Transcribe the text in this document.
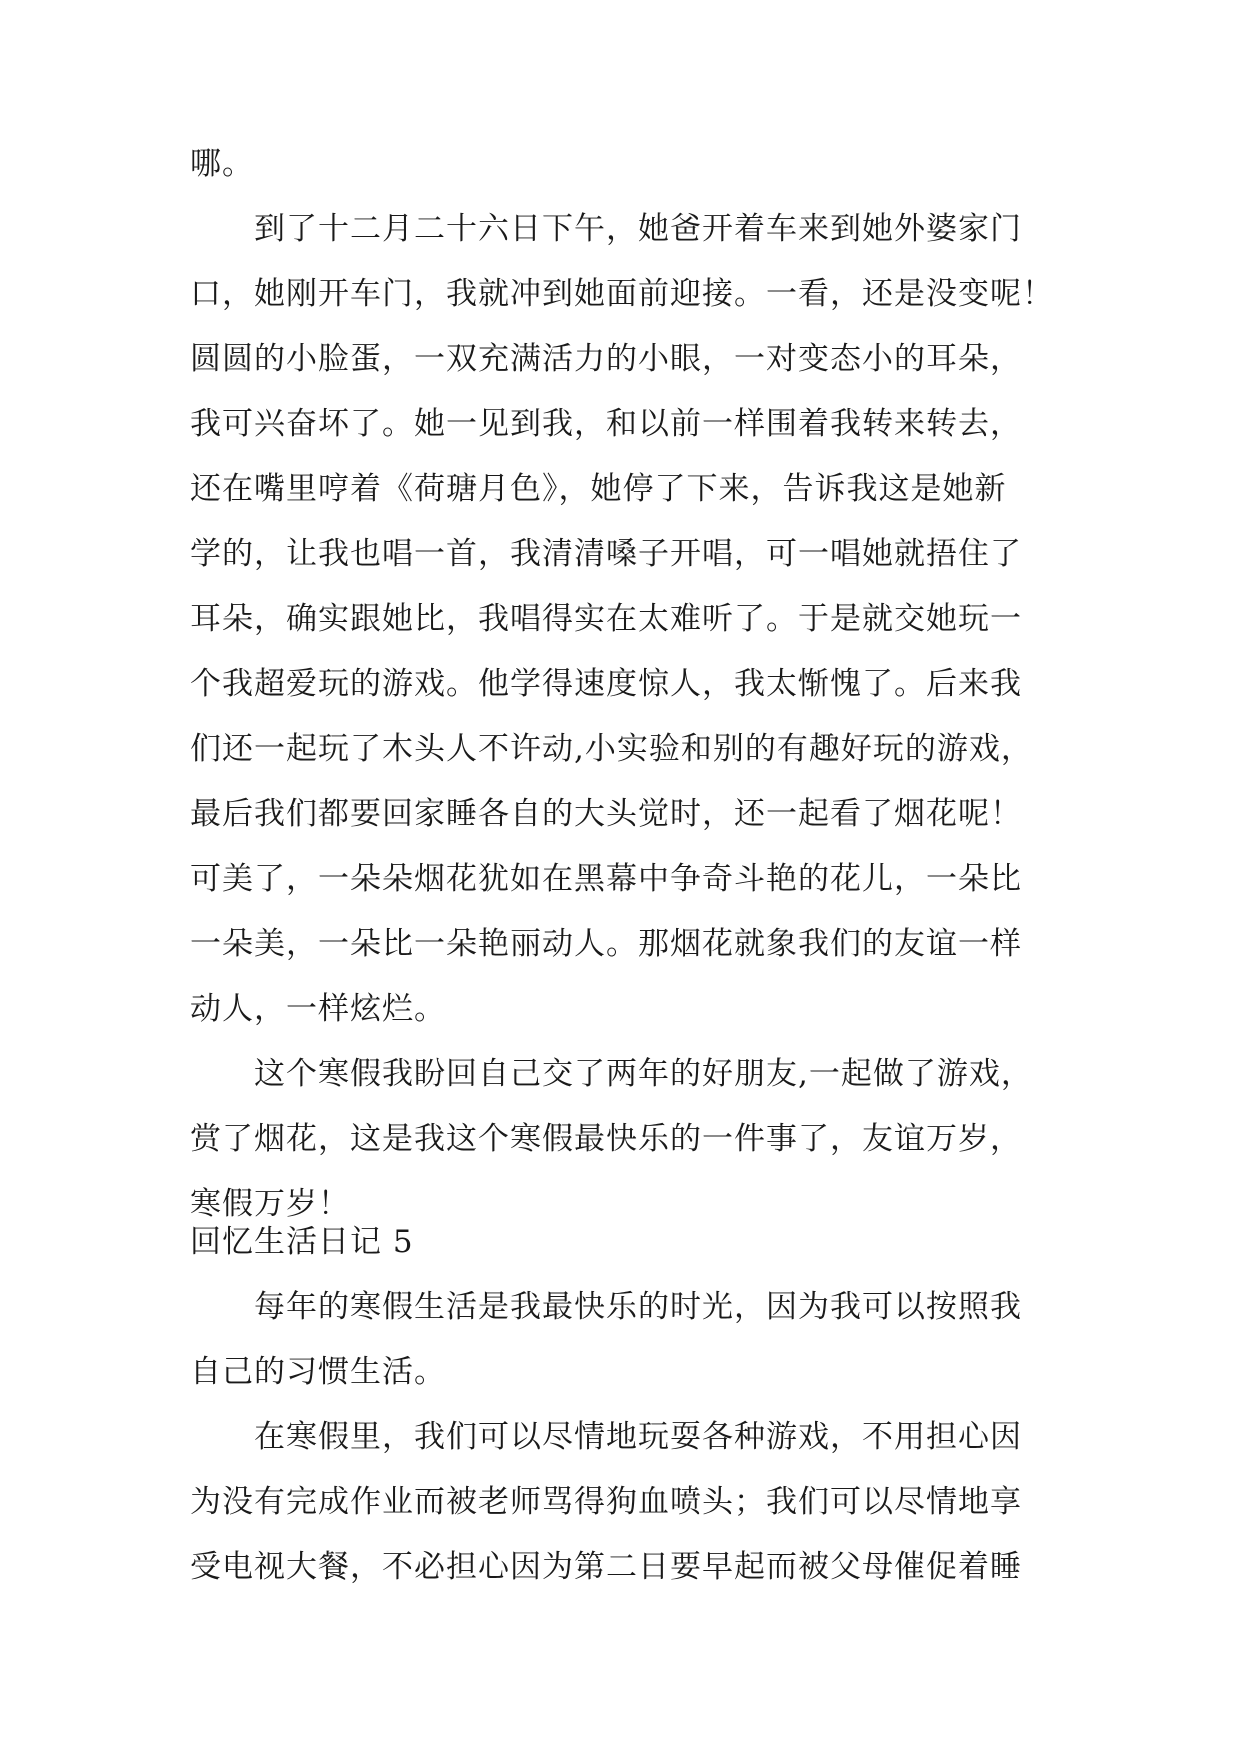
哪。
到了十二月二十六日下午，她爸开着车来到她外婆家门
口，她刚开车门，我就冲到她面前迎接。一看，还是没变呢！
圆圆的小脸蛋，一双充满活力的小眼，一对变态小的耳朵，
我可兴奋坏了。她一见到我，和以前一样围着我转来转去，
还在嘴里哼着《荷瑭月色》，她停了下来，告诉我这是她新
学的，让我也唱一首，我清清嗓子开唱，可一唱她就捂住了
耳朵，确实跟她比，我唱得实在太难听了。于是就交她玩一
个我超爱玩的游戏。他学得速度惊人，我太惭愧了。后来我
们还一起玩了木头人不许动,小实验和别的有趣好玩的游戏，
最后我们都要回家睡各自的大头觉时，还一起看了烟花呢！
可美了，一朵朵烟花犹如在黑幕中争奇斗艳的花儿，一朵比
一朵美，一朵比一朵艳丽动人。那烟花就象我们的友谊一样
动人，一样炫烂。
这个寒假我盼回自己交了两年的好朋友,一起做了游戏，
赏了烟花，这是我这个寒假最快乐的一件事了，友谊万岁，
寒假万岁！
回忆生活日记 5
每年的寒假生活是我最快乐的时光，因为我可以按照我
自己的习惯生活。
在寒假里，我们可以尽情地玩耍各种游戏，不用担心因
为没有完成作业而被老师骂得狗血喷头；我们可以尽情地享
受电视大餐，不必担心因为第二日要早起而被父母催促着睡
